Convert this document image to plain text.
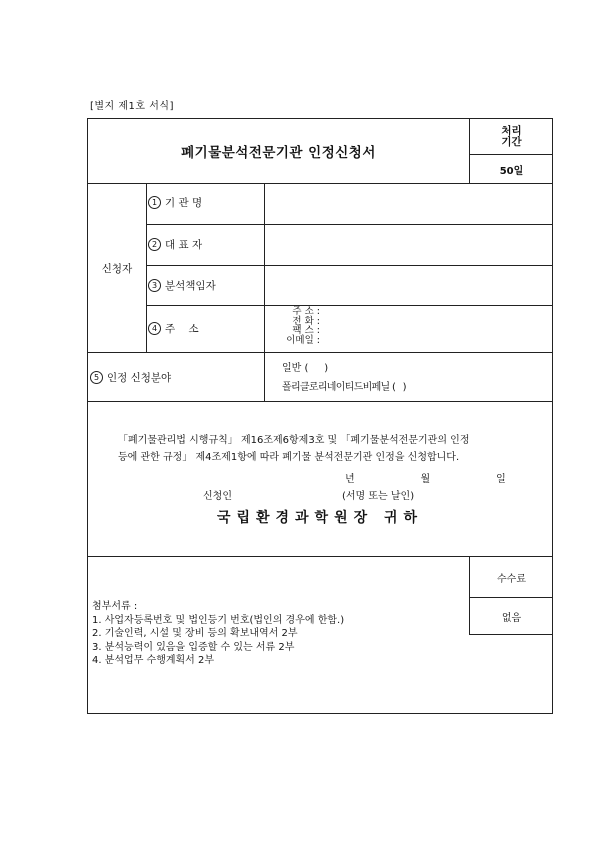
[별지 제1호 서식]
폐기물분석전문기관 인정신청서
처리
기간
50일
신청자
1 기 관 명
2 대 표 자
3 분석책임자
4 주    소
주 소 :
전 화 :
팩 스 :
이메일 :
5 인정 신청분야
일반 (     )
폴리클로리네이티드비페닐 (   )
「폐기물관리법 시행규칙」 제16조제6항제3호 및 「폐기물분석전문기관의 인정
등에 관한 규정」 제4조제1항에 따라 폐기물 분석전문기관 인정을 신청합니다.
년     월     일
신청인	(서명 또는 날인)
국립환경과학원장 귀하
첨부서류 :
1. 사업자등록번호 및 법인등기 번호(법인의 경우에 한함.)
2. 기술인력, 시설 및 장비 등의 확보내역서 2부
3. 분석능력이 있음을 입증할 수 있는 서류 2부
4. 분석업무 수행계획서 2부
수수료
없음
